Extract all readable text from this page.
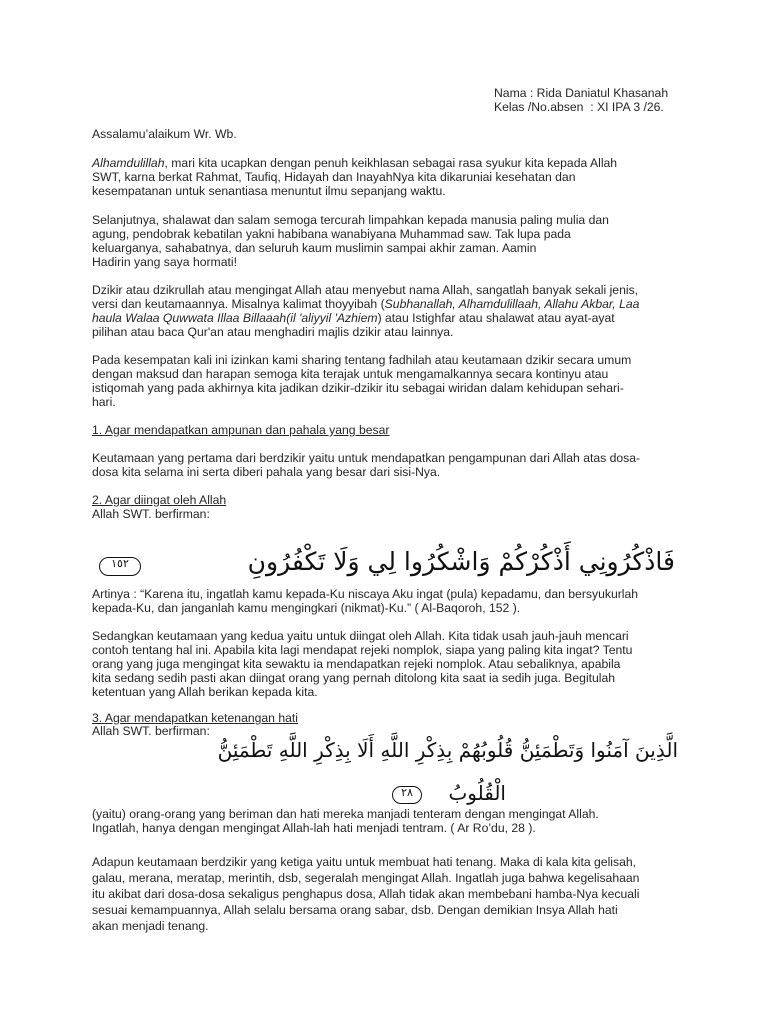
Nama : Rida Daniatul Khasanah
Kelas /No.absen  : XI IPA 3 /26.
Assalamu’alaikum Wr. Wb.
Alhamdulillah, mari kita ucapkan dengan penuh keikhlasan sebagai rasa syukur kita kepada Allah
SWT, karna berkat Rahmat, Taufiq, Hidayah dan InayahNya kita dikaruniai kesehatan dan
kesempatanan untuk senantiasa menuntut ilmu sepanjang waktu.
Selanjutnya, shalawat dan salam semoga tercurah limpahkan kepada manusia paling mulia dan
agung, pendobrak kebatilan yakni habibana wanabiyana Muhammad saw. Tak lupa pada
keluarganya, sahabatnya, dan seluruh kaum muslimin sampai akhir zaman. Aamin
Hadirin yang saya hormati!
Dzikir atau dzikrullah atau mengingat Allah atau menyebut nama Allah, sangatlah banyak sekali jenis,
versi dan keutamaannya. Misalnya kalimat thoyyibah (Subhanallah, Alhamdulillaah, Allahu Akbar, Laa
haula Walaa Quwwata Illaa Billaaah(il 'aliyyil 'Azhiem) atau Istighfar atau shalawat atau ayat-ayat
pilihan atau baca Qur'an atau menghadiri majlis dzikir atau lainnya.
Pada kesempatan kali ini izinkan kami sharing tentang fadhilah atau keutamaan dzikir secara umum
dengan maksud dan harapan semoga kita terajak untuk mengamalkannya secara kontinyu atau
istiqomah yang pada akhirnya kita jadikan dzikir-dzikir itu sebagai wiridan dalam kehidupan sehari-
hari.
1. Agar mendapatkan ampunan dan pahala yang besar
Keutamaan yang pertama dari berdzikir yaitu untuk mendapatkan pengampunan dari Allah atas dosa-
dosa kita selama ini serta diberi pahala yang besar dari sisi-Nya.
2. Agar diingat oleh Allah
Allah SWT. berfirman:
١٥٢	فَاذْكُرُونِي أَذْكُرْكُمْ وَاشْكُرُوا لِي وَلَا تَكْفُرُونِ
Artinya : “Karena itu, ingatlah kamu kepada-Ku niscaya Aku ingat (pula) kepadamu, dan bersyukurlah
kepada-Ku, dan janganlah kamu mengingkari (nikmat)-Ku.” ( Al-Baqoroh, 152 ).
Sedangkan keutamaan yang kedua yaitu untuk diingat oleh Allah. Kita tidak usah jauh-jauh mencari
contoh tentang hal ini. Apabila kita lagi mendapat rejeki nomplok, siapa yang paling kita ingat? Tentu
orang yang juga mengingat kita sewaktu ia mendapatkan rejeki nomplok. Atau sebaliknya, apabila
kita sedang sedih pasti akan diingat orang yang pernah ditolong kita saat ia sedih juga. Begitulah
ketentuan yang Allah berikan kepada kita.
3. Agar mendapatkan ketenangan hati
Allah SWT. berfirman:
الَّذِينَ آمَنُوا وَتَطْمَئِنُّ قُلُوبُهُمْ بِذِكْرِ اللَّهِ أَلَا بِذِكْرِ اللَّهِ تَطْمَئِنُّ
الْقُلُوبُ
٢٨
(yaitu) orang-orang yang beriman dan hati mereka manjadi tenteram dengan mengingat Allah.
Ingatlah, hanya dengan mengingat Allah-lah hati menjadi tentram. ( Ar Ro’du, 28 ).
Adapun keutamaan berdzikir yang ketiga yaitu untuk membuat hati tenang. Maka di kala kita gelisah,
galau, merana, meratap, merintih, dsb, segeralah mengingat Allah. Ingatlah juga bahwa kegelisahaan
itu akibat dari dosa-dosa sekaligus penghapus dosa, Allah tidak akan membebani hamba-Nya kecuali
sesuai kemampuannya, Allah selalu bersama orang sabar, dsb. Dengan demikian Insya Allah hati
akan menjadi tenang.
